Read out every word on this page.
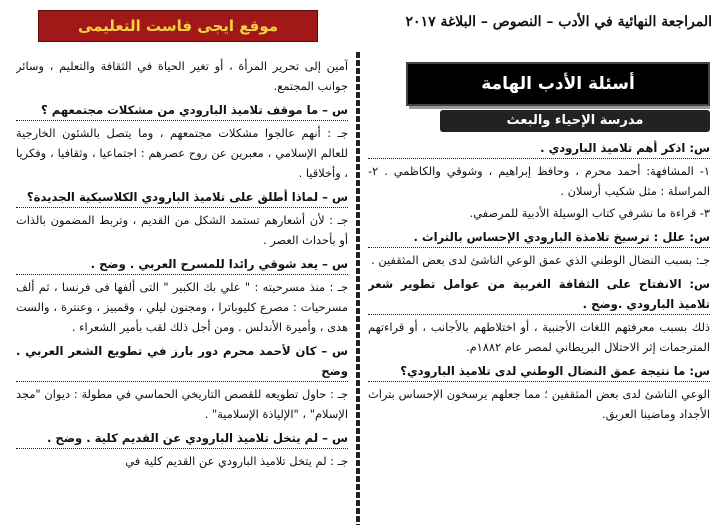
موقع ايجى فاست التعليمى	المراجعة النهائية في الأدب – النصوص – البلاغة ٢٠١٧
أسئلة الأدب الهامة
مدرسة الإحياء والبعث
س: اذكر أهم تلاميذ البارودي .
١- المشافهة: أحمد محرم ، وحافظ إبراهيم ، وشوقي والكاظمي . ٢- المراسلة : مثل شكيب أرسلان .
٣- قراءة ما نشرفي كتاب الوسيلة الأدبية للمرصفي.
س: علل : ترسيخ تلامذة البارودي الإحساس بالتراث .
جـ: بسبب النضال الوطني الذي عمق الوعي الناشئ لدى بعض المثقفين .
س: الانفتاح على الثقافة الغربية من عوامل تطوير شعر تلاميذ البارودي .وضح .
ذلك بسبب معرفتهم اللغات الأجنبية ، أو اختلاطهم بالأجانب ، أو قراءتهم المترجمات إثر الاحتلال البريطاني لمصر عام ١٨٨٢م.
س: ما نتيجة عمق النضال الوطني لدى تلاميذ البارودي؟
الوعي الناشئ لدى بعض المثقفين ؛ مما جعلهم يرسخون الإحساس بتراث الأجداد وماضينا العريق.
آمين إلى تحرير المرأة ، أو تغير الحياة في الثقافة والتعليم ، وسائر جوانب المجتمع.
س – ما موقف تلاميذ البارودي من مشكلات مجتمعهم ؟
جـ : أنهم عالجوا مشكلات مجتمعهم ، وما يتصل بالشئون الخارجية للعالم الإسلامي ، معبرين عن روح عصرهم : اجتماعيا ، وثقافيا ، وفكريا ، وأخلاقيا .
س – لماذا أطلق على تلاميذ البارودي الكلاسيكية الجديدة؟
جـ : لأن أشعارهم تستمد الشكل من القديم ، وتربط المضمون بالذات أو بأحداث العصر .
س – يعد شوقي رائدا للمسرح العربي . وضح .
جـ : منذ مسرحيته : " علي بك الكبير " التى ألفها فى فرنسا ، ثم ألف مسرحيات : مصرع كليوباترا ، ومجنون ليلي ، وقمبيز ، وعنترة ، والست هدى ، وأميرة الأندلس . ومن أجل ذلك لقب بأمير الشعراء .
س – كان لأحمد محرم دور بارز في تطويع الشعر العربي . وضح
جـ : حاول تطويعه للقصص التاريخي الحماسي في مطولة : ديوان "مجد الإسلام" ، "الإلياذة الإسلامية" .
س – لم يتخل تلاميذ البارودي عن القديم كلية . وضح .
جـ : لم يتخل تلاميذ البارودي عن القديم كلية في
